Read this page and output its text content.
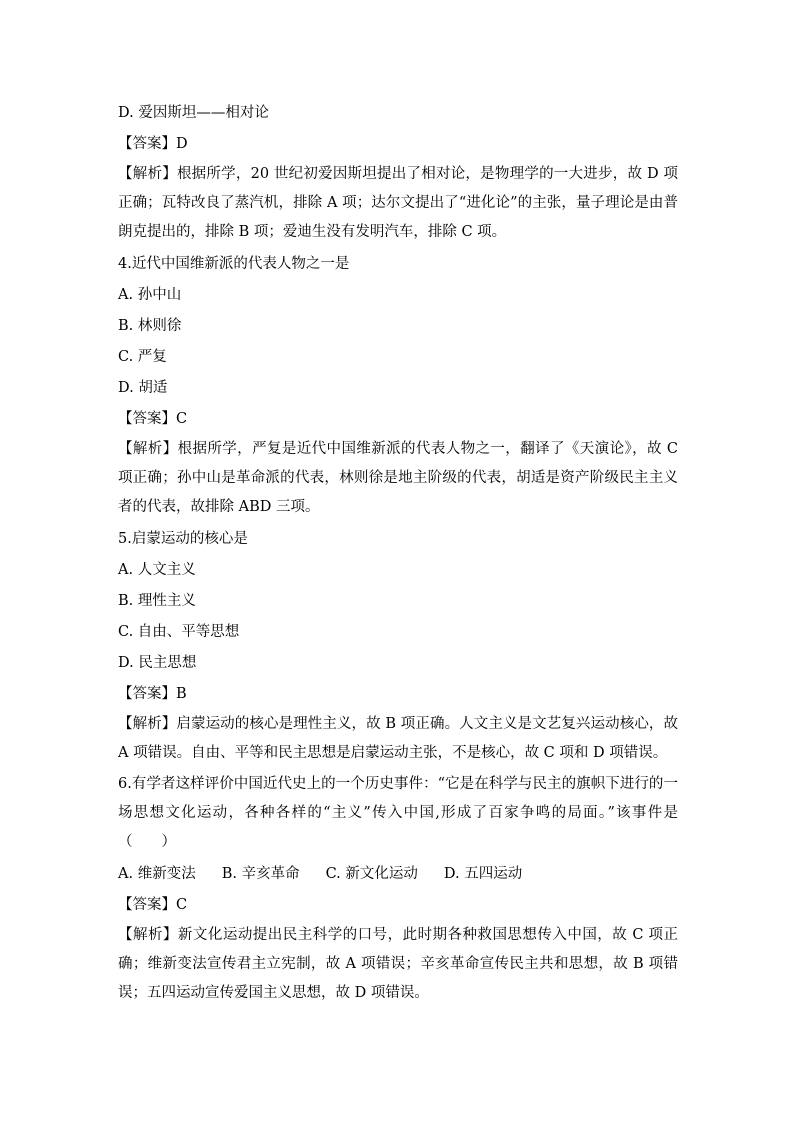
D. 爱因斯坦——相对论
【答案】D
【解析】根据所学，20 世纪初爱因斯坦提出了相对论，是物理学的一大进步，故 D 项正确；瓦特改良了蒸汽机，排除 A 项；达尔文提出了“进化论”的主张，量子理论是由普朗克提出的，排除 B 项；爱迪生没有发明汽车，排除 C 项。
4.近代中国维新派的代表人物之一是
A. 孙中山
B. 林则徐
C. 严复
D. 胡适
【答案】C
【解析】根据所学，严复是近代中国维新派的代表人物之一，翻译了《天演论》，故 C 项正确；孙中山是革命派的代表，林则徐是地主阶级的代表，胡适是资产阶级民主主义者的代表，故排除 ABD 三项。
5.启蒙运动的核心是
A. 人文主义
B. 理性主义
C. 自由、平等思想
D. 民主思想
【答案】B
【解析】启蒙运动的核心是理性主义，故 B 项正确。人文主义是文艺复兴运动核心，故 A 项错误。自由、平等和民主思想是启蒙运动主张，不是核心，故 C 项和 D 项错误。
6.有学者这样评价中国近代史上的一个历史事件：“它是在科学与民主的旗帜下进行的一场思想文化运动，各种各样的“主义”传入中国,形成了百家争鸣的局面。”该事件是（　　）
A. 维新变法 B. 辛亥革命 C. 新文化运动 D. 五四运动
【答案】C
【解析】新文化运动提出民主科学的口号，此时期各种救国思想传入中国，故 C 项正确；维新变法宣传君主立宪制，故 A 项错误；辛亥革命宣传民主共和思想，故 B 项错误；五四运动宣传爱国主义思想，故 D 项错误。
